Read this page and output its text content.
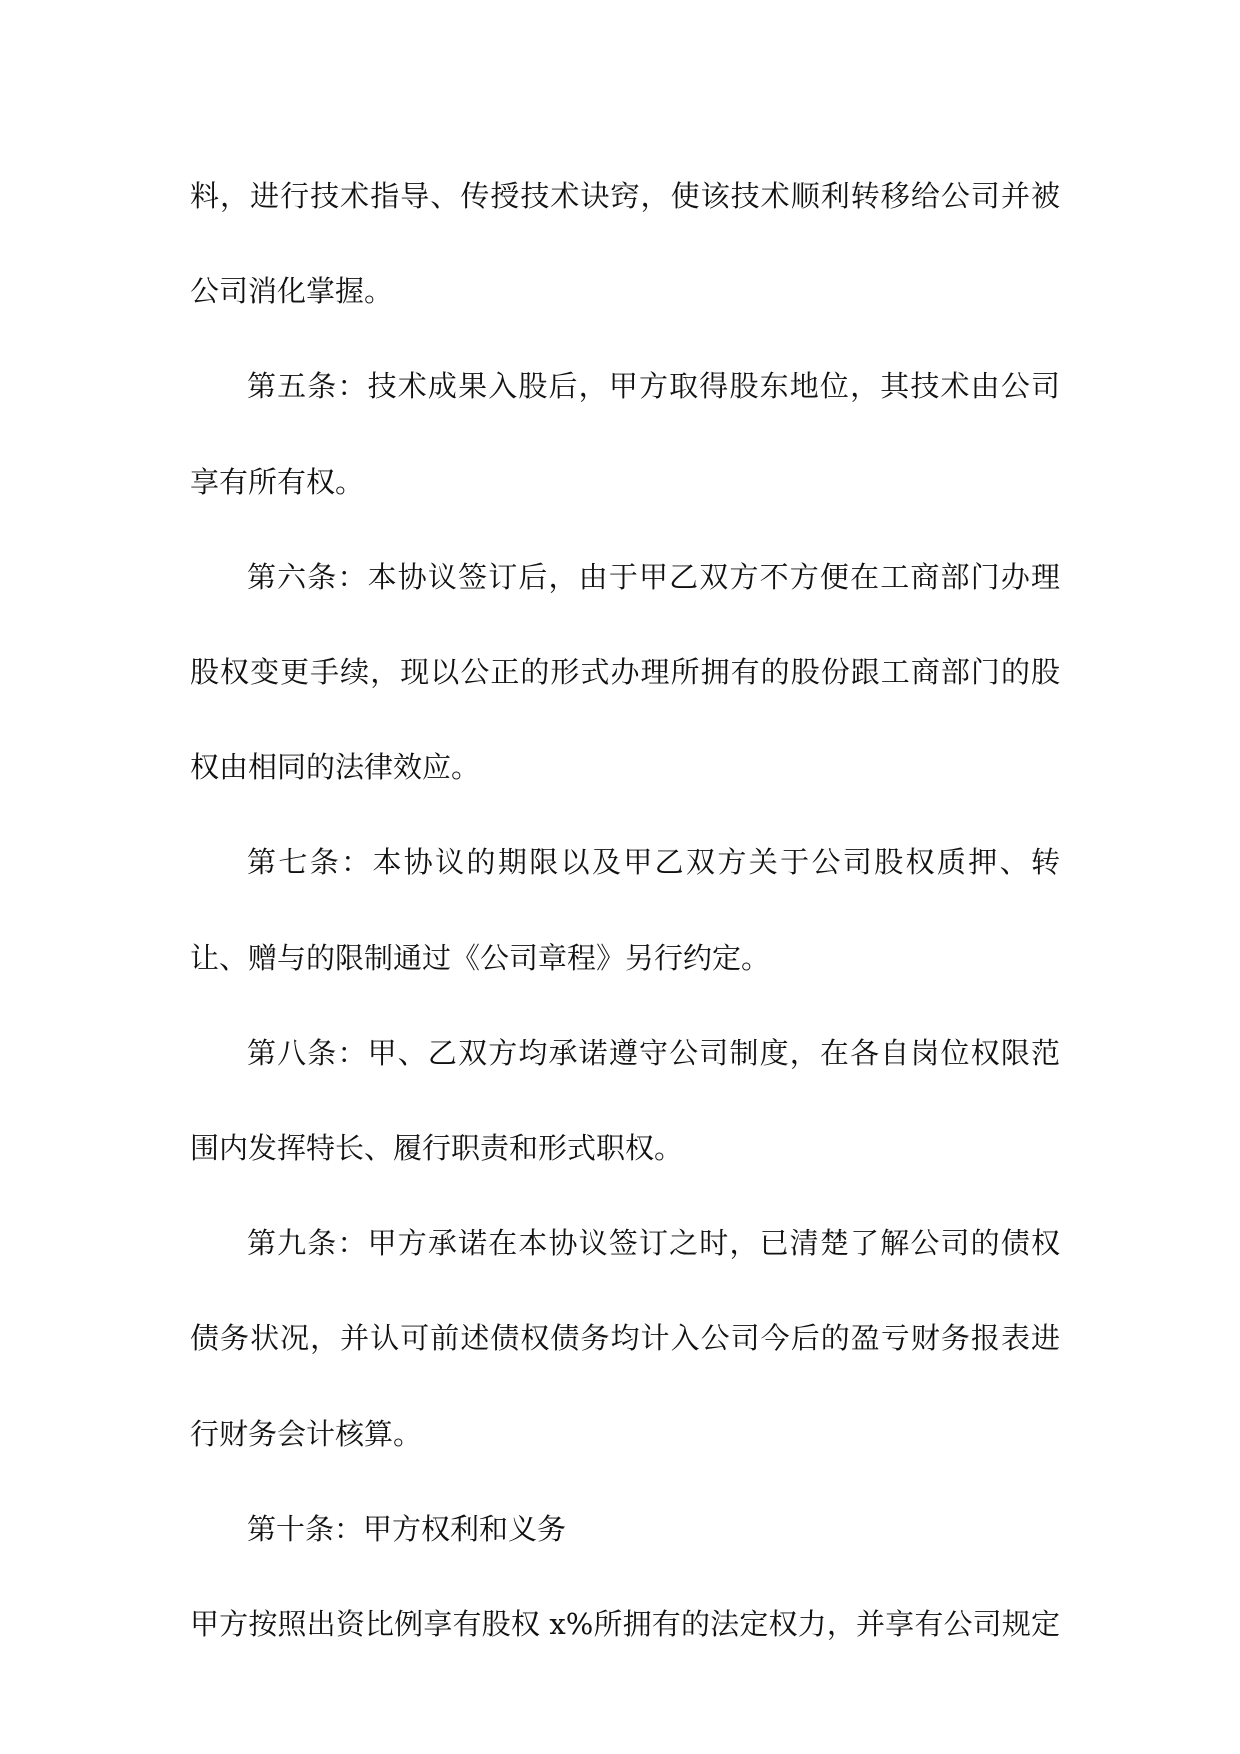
料，进行技术指导、传授技术诀窍，使该技术顺利转移给公司并被
公司消化掌握。
第五条：技术成果入股后，甲方取得股东地位，其技术由公司
享有所有权。
第六条：本协议签订后，由于甲乙双方不方便在工商部门办理
股权变更手续，现以公正的形式办理所拥有的股份跟工商部门的股
权由相同的法律效应。
第七条：本协议的期限以及甲乙双方关于公司股权质押、转
让、赠与的限制通过《公司章程》另行约定。
第八条：甲、乙双方均承诺遵守公司制度，在各自岗位权限范
围内发挥特长、履行职责和形式职权。
第九条：甲方承诺在本协议签订之时，已清楚了解公司的债权
债务状况，并认可前述债权债务均计入公司今后的盈亏财务报表进
行财务会计核算。
第十条：甲方权利和义务
甲方按照出资比例享有股权 x%所拥有的法定权力，并享有公司规定
